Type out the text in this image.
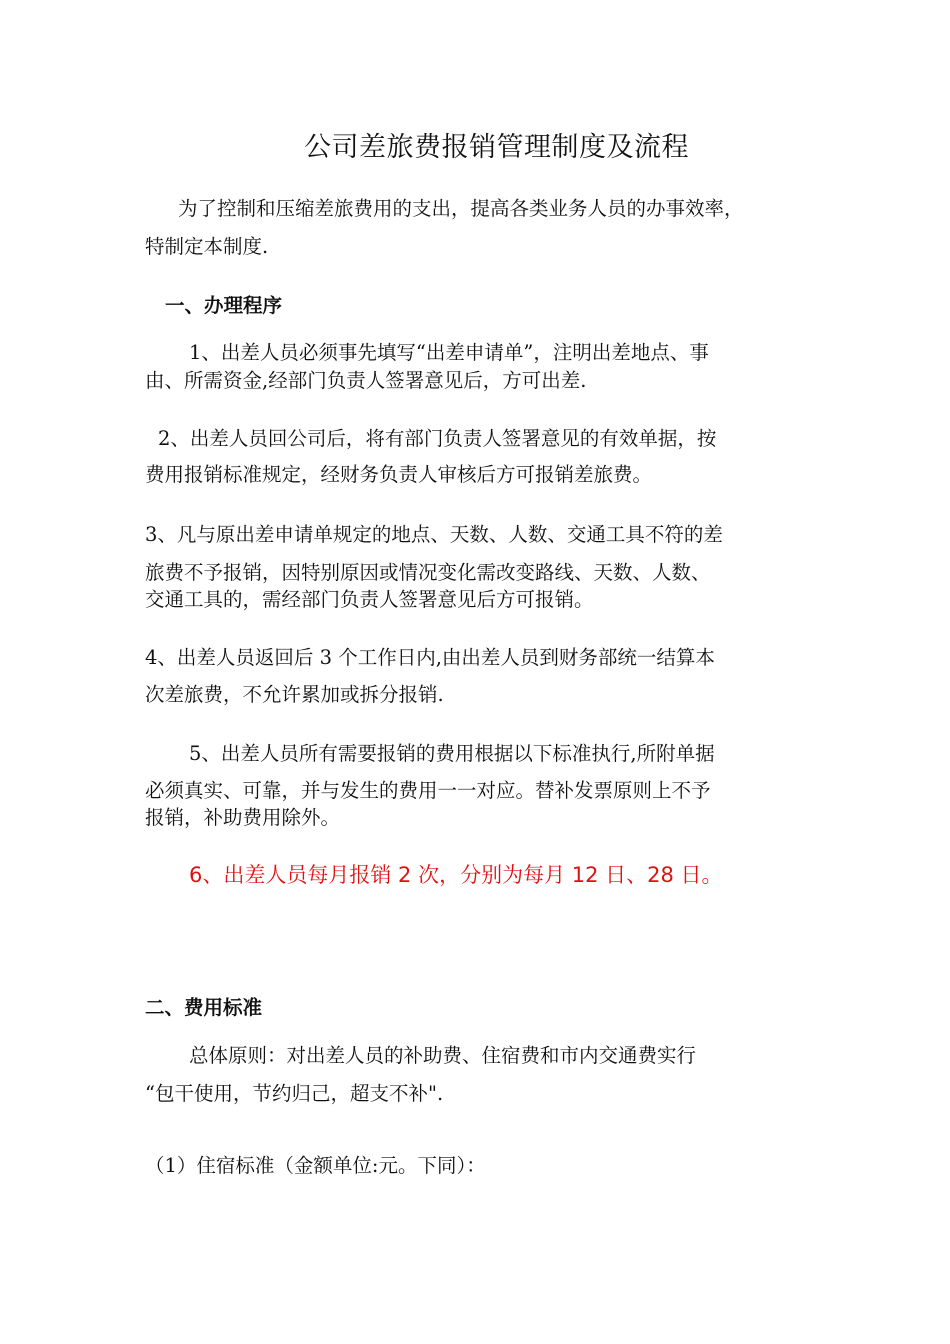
公司差旅费报销管理制度及流程
为了控制和压缩差旅费用的支出，提高各类业务人员的办事效率，
特制定本制度.
一、办理程序
1、出差人员必须事先填写“出差申请单”，注明出差地点、事
由、所需资金,经部门负责人签署意见后，方可出差.
2、出差人员回公司后，将有部门负责人签署意见的有效单据，按
费用报销标准规定，经财务负责人审核后方可报销差旅费。
3、凡与原出差申请单规定的地点、天数、人数、交通工具不符的差
旅费不予报销，因特别原因或情况变化需改变路线、天数、人数、
交通工具的，需经部门负责人签署意见后方可报销。
4、出差人员返回后 3 个工作日内,由出差人员到财务部统一结算本
次差旅费，不允许累加或拆分报销.
5、出差人员所有需要报销的费用根据以下标准执行,所附单据
必须真实、可靠，并与发生的费用一一对应。替补发票原则上不予
报销，补助费用除外。
6、出差人员每月报销 2 次，分别为每月 12 日、28 日。
二、费用标准
总体原则：对出差人员的补助费、住宿费和市内交通费实行
“包干使用，节约归己，超支不补".
（1）住宿标准（金额单位:元。下同）：
